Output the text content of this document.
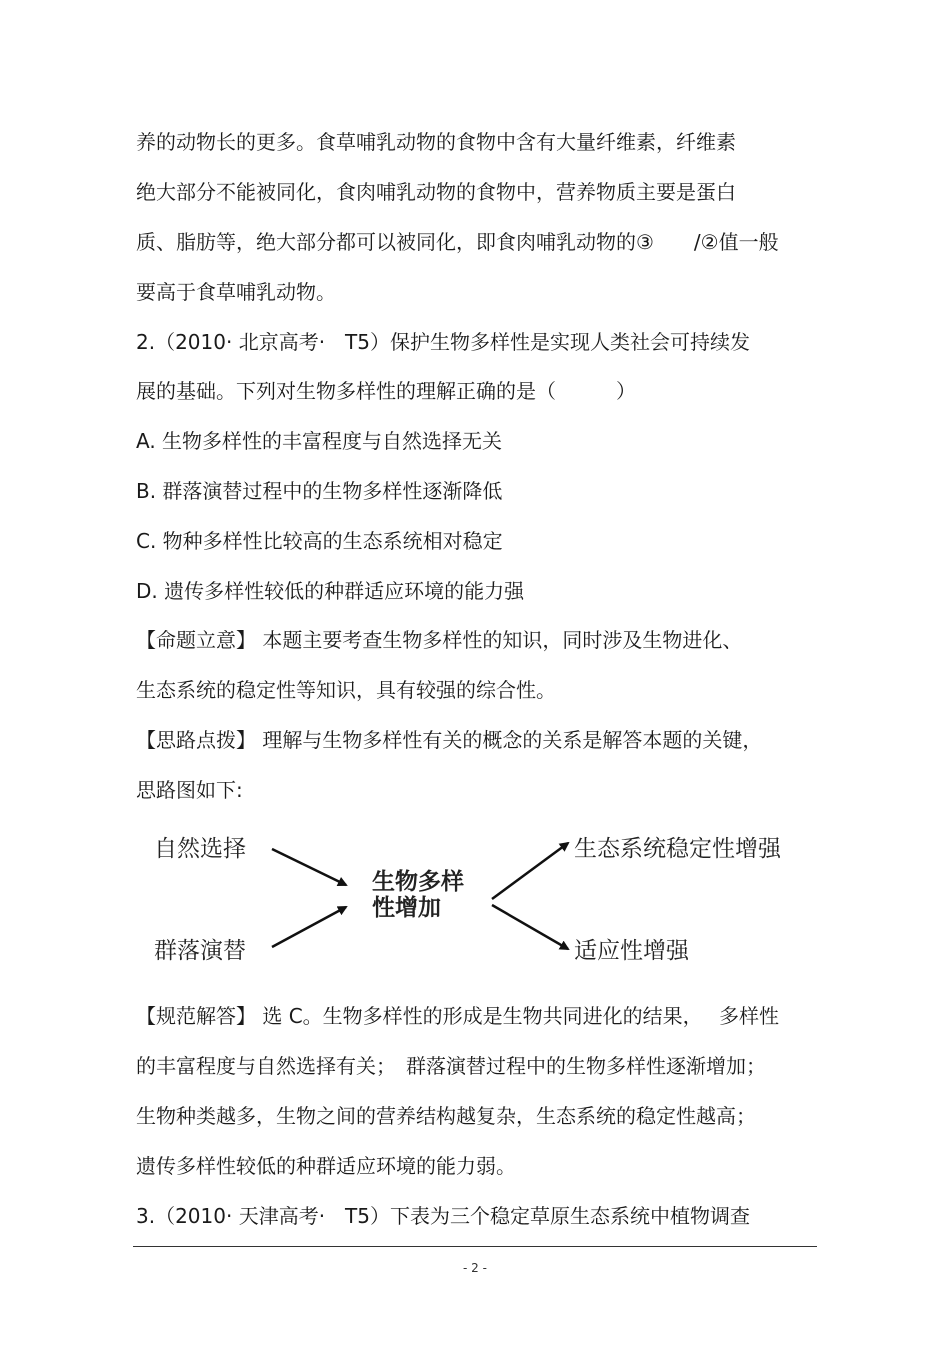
养的动物长的更多。食草哺乳动物的食物中含有大量纤维素，纤维素
绝大部分不能被同化，食肉哺乳动物的食物中，营养物质主要是蛋白
质、脂肪等，绝大部分都可以被同化，即食肉哺乳动物的③　　/②值一般
要高于食草哺乳动物。
2.（2010· 北京高考·　T5）保护生物多样性是实现人类社会可持续发
展的基础。下列对生物多样性的理解正确的是（　　　）
A. 生物多样性的丰富程度与自然选择无关
B. 群落演替过程中的生物多样性逐渐降低
C. 物种多样性比较高的生态系统相对稳定
D. 遗传多样性较低的种群适应环境的能力强
【命题立意】 本题主要考查生物多样性的知识，同时涉及生物进化、
生态系统的稳定性等知识，具有较强的综合性。
【思路点拨】 理解与生物多样性有关的概念的关系是解答本题的关键，
思路图如下:
自然选择
群落演替
生物多样
性增加
生态系统稳定性增强
适应性增强
【规范解答】 选 C。生物多样性的形成是生物共同进化的结果，　 多样性
的丰富程度与自然选择有关；　群落演替过程中的生物多样性逐渐增加；
生物种类越多，生物之间的营养结构越复杂，生态系统的稳定性越高；
遗传多样性较低的种群适应环境的能力弱。
3.（2010· 天津高考·　T5）下表为三个稳定草原生态系统中植物调查
- 2 -
